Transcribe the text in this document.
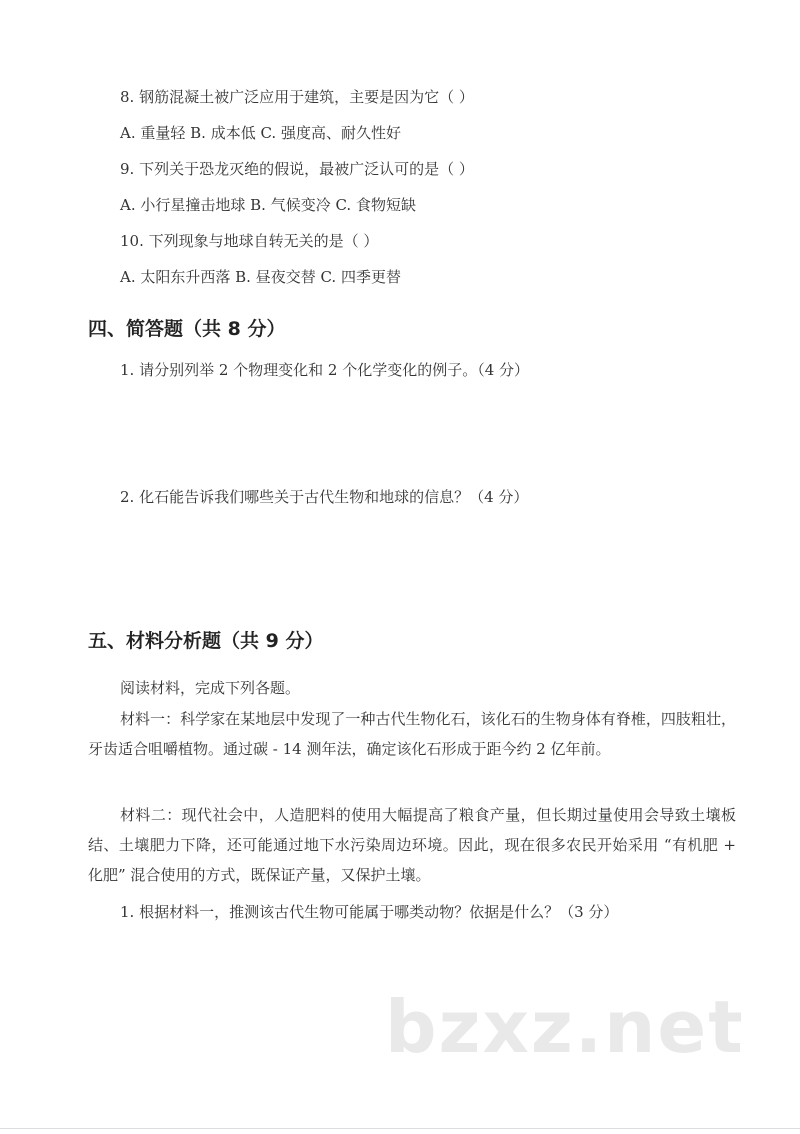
8. 钢筋混凝土被广泛应用于建筑，主要是因为它（ ）
A. 重量轻 B. 成本低 C. 强度高、耐久性好
9. 下列关于恐龙灭绝的假说，最被广泛认可的是（ ）
A. 小行星撞击地球 B. 气候变冷 C. 食物短缺
10. 下列现象与地球自转无关的是（ ）
A. 太阳东升西落 B. 昼夜交替 C. 四季更替
四、简答题（共 8 分）
1. 请分别列举 2 个物理变化和 2 个化学变化的例子。（4 分）
2. 化石能告诉我们哪些关于古代生物和地球的信息？（4 分）
五、材料分析题（共 9 分）
阅读材料，完成下列各题。
材料一：科学家在某地层中发现了一种古代生物化石，该化石的生物身体有脊椎，四肢粗壮，牙齿适合咀嚼植物。通过碳 - 14 测年法，确定该化石形成于距今约 2 亿年前。
材料二：现代社会中，人造肥料的使用大幅提高了粮食产量，但长期过量使用会导致土壤板结、土壤肥力下降，还可能通过地下水污染周边环境。因此，现在很多农民开始采用 “有机肥 + 化肥” 混合使用的方式，既保证产量，又保护土壤。
1. 根据材料一，推测该古代生物可能属于哪类动物？依据是什么？（3 分）
bzxz.net
